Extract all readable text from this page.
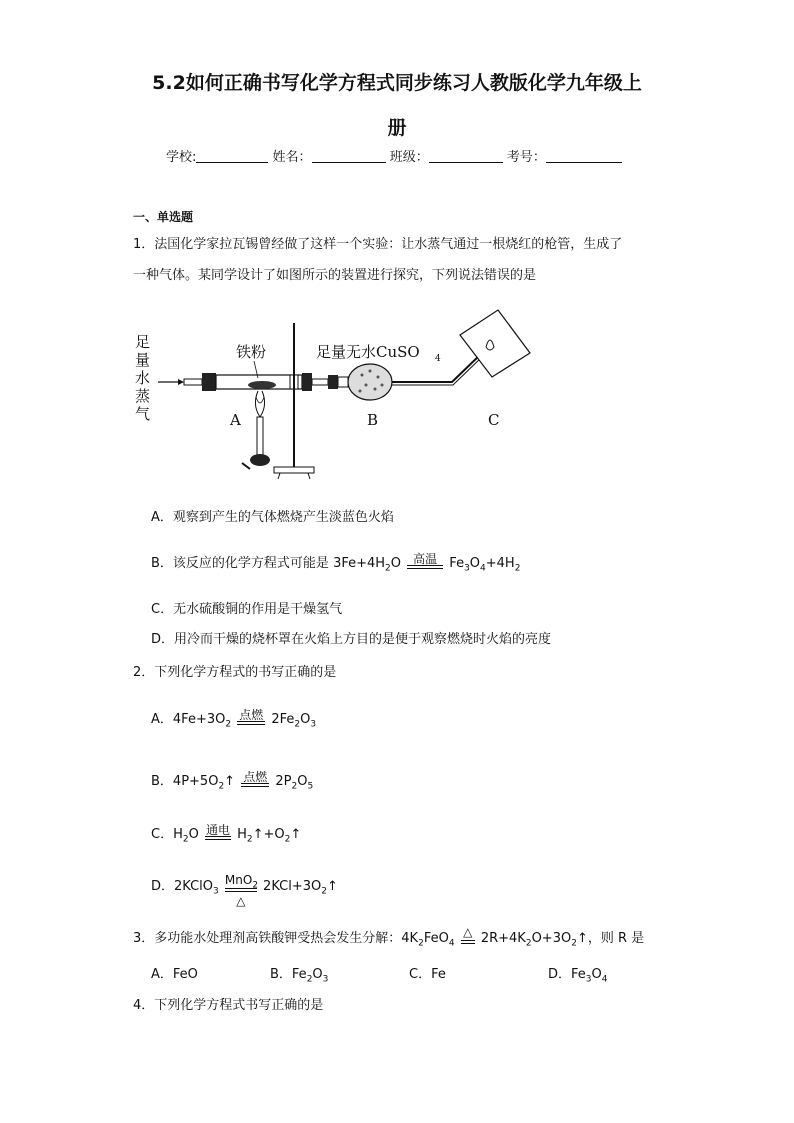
5.2如何正确书写化学方程式同步练习人教版化学九年级上
册
学校:	姓名：	班级：	考号：
一、单选题
1．法国化学家拉瓦锡曾经做了这样一个实验：让水蒸气通过一根烧红的枪管，生成了
一种气体。某同学设计了如图所示的装置进行探究，下列说法错误的是
足
量
水
蒸
气
铁粉	足量无水CuSO 4
A	B	C
A．观察到产生的气体燃烧产生淡蓝色火焰
B．该反应的化学方程式可能是 $3Fe+4H_2O$	高温 $Fe_3O_4+4H_2$
C．无水硫酸铜的作用是干燥氢气
D．用冷而干燥的烧杯罩在火焰上方目的是便于观察燃烧时火焰的亮度
2．下列化学方程式的书写正确的是
A．$4Fe+3O_2$
点燃 $2Fe_2O_3$
B．$4P+5O_2↑$ 点燃 $2P_2O_5$
C．$H_2O$ 通电 $H_2↑+O_2↑$
D．2KClO$_3$
MnO$_2$
△
$2KCl+3O_2↑$
3．多功能水处理剂高铁酸钾受热会发生分解：$4K_2FeO_4$
△ $2R+4K_2O+3O_2↑$，则 R 是
A．FeO	B．$Fe_2O_3$	C．Fe	D．$Fe_3O_4$
4．下列化学方程式书写正确的是
